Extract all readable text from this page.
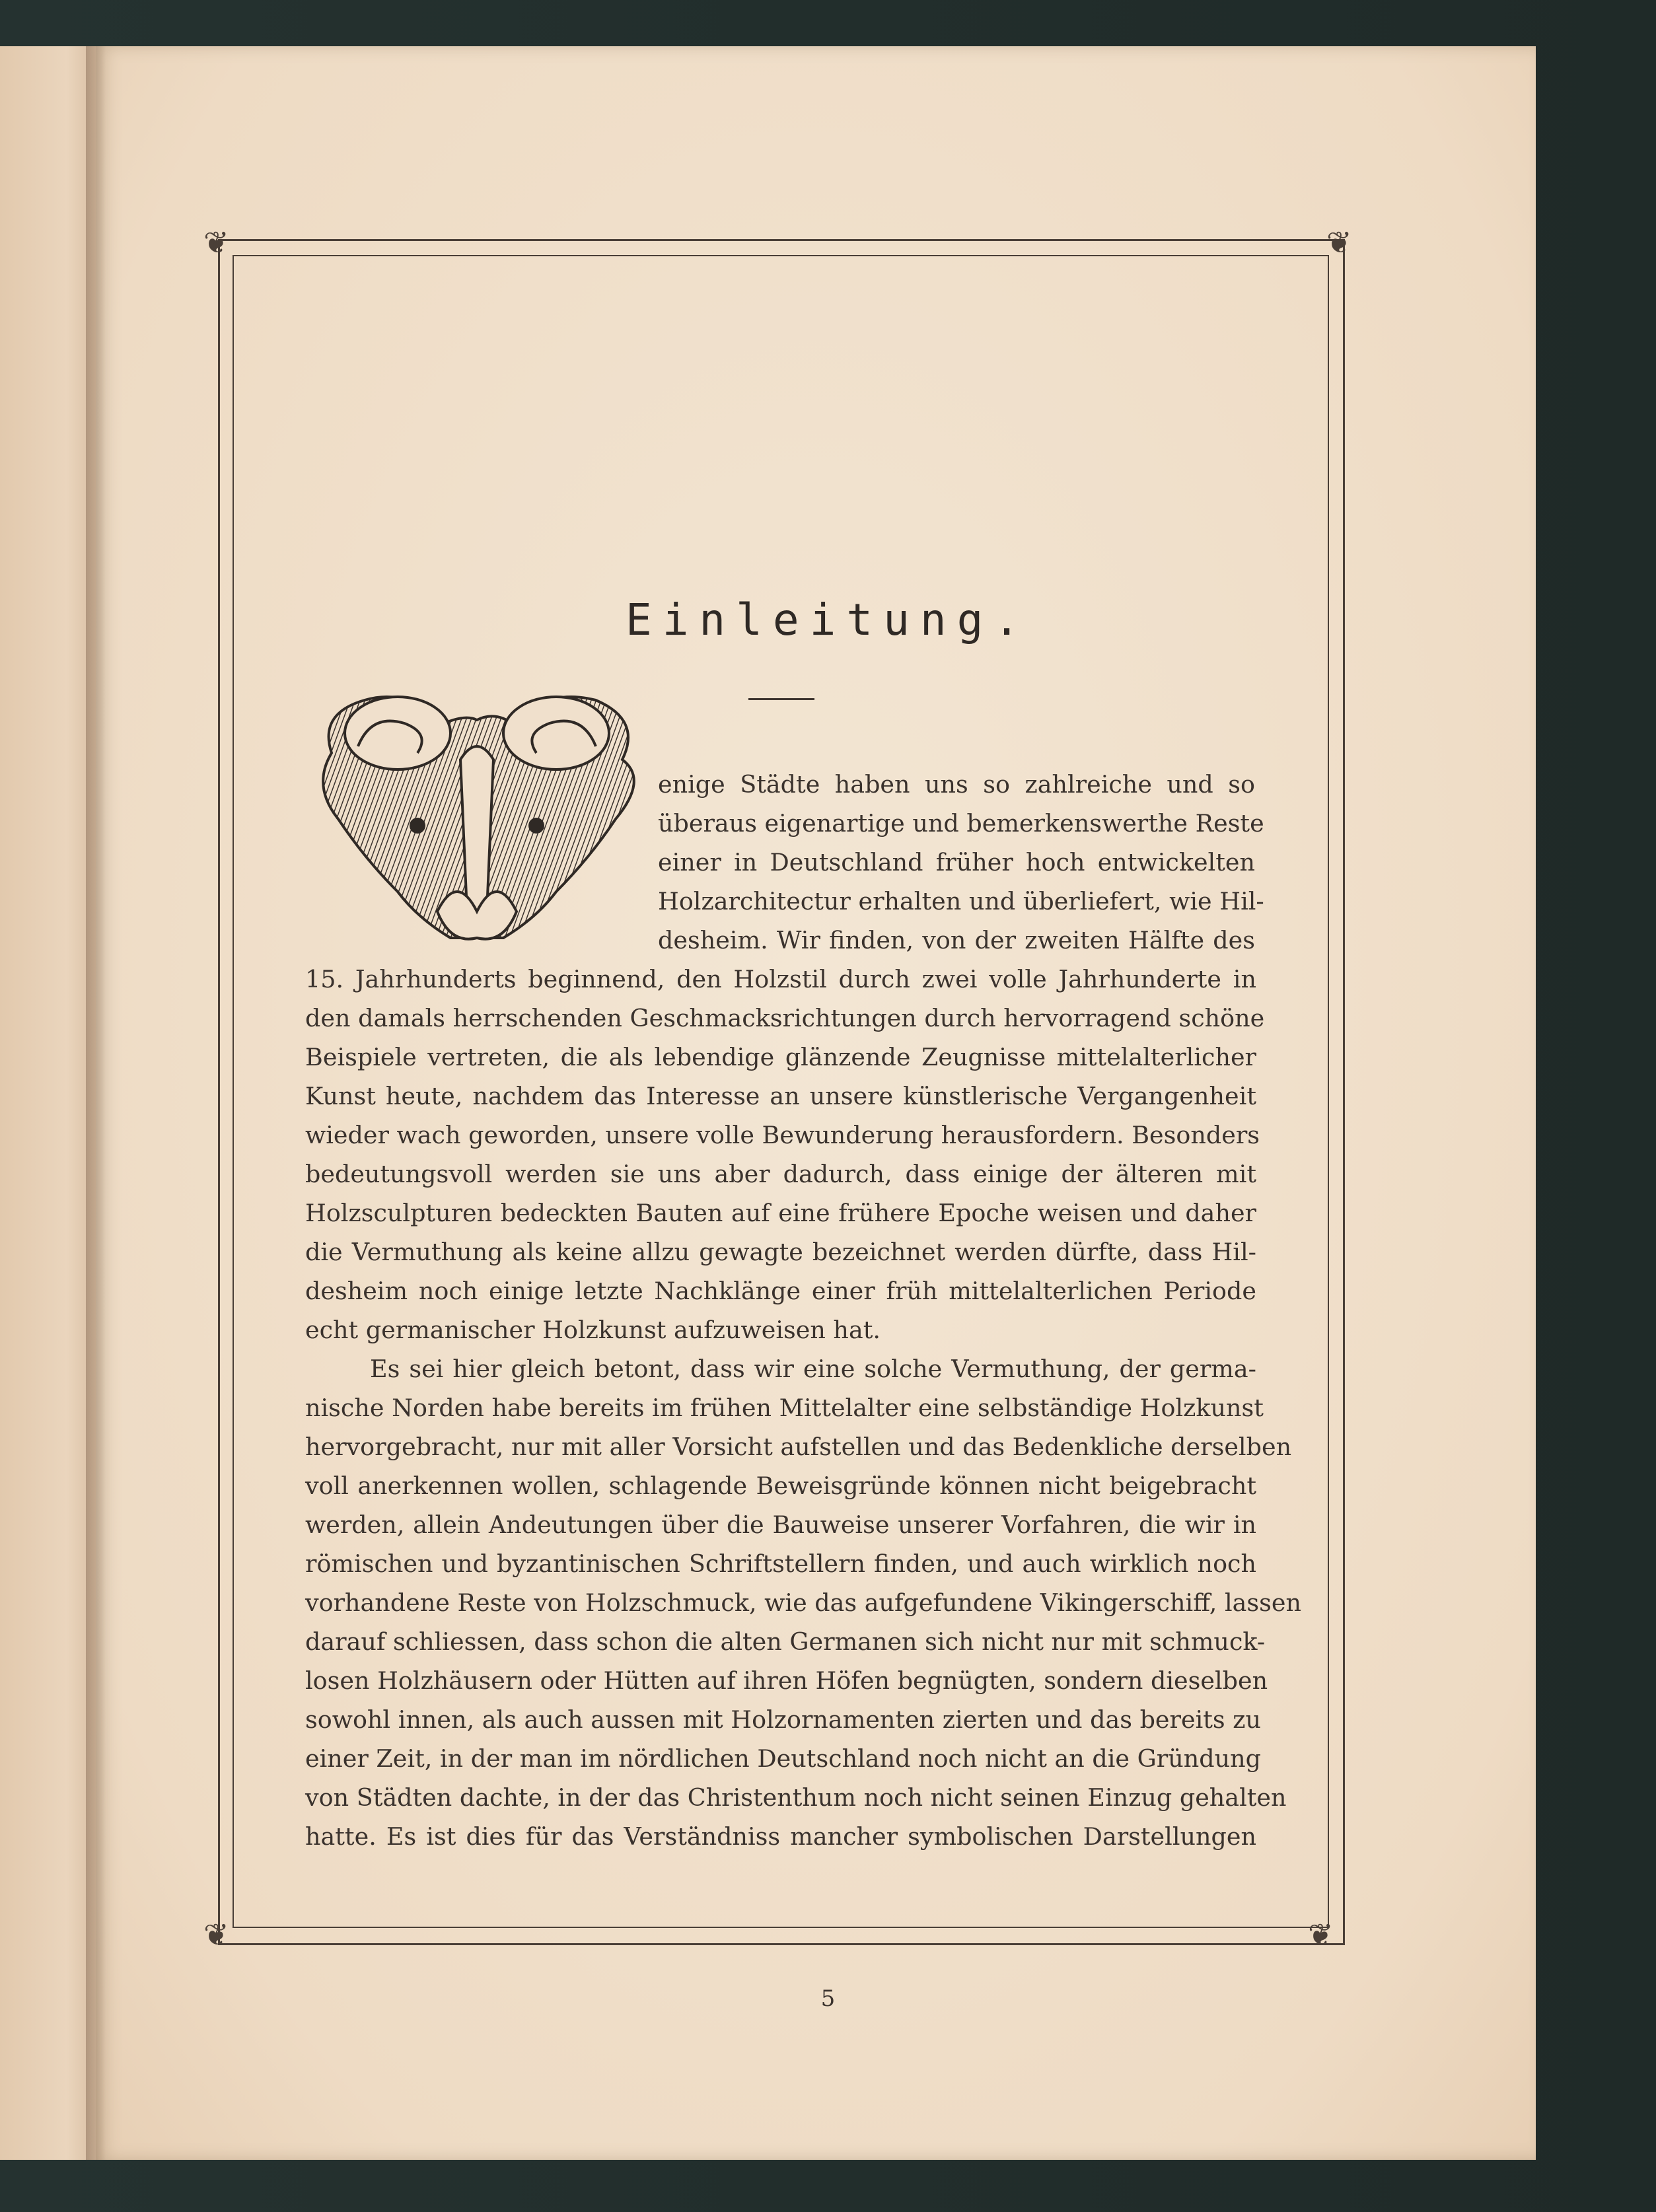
❦	❦
❦	❦
Einleitung.
enige Städte haben uns so zahlreiche und so
überaus eigenartige und bemerkenswerthe Reste
einer in Deutschland früher hoch entwickelten
Holzarchitectur erhalten und überliefert, wie Hil-
desheim. Wir finden, von der zweiten Hälfte des
15. Jahrhunderts beginnend, den Holzstil durch zwei volle Jahrhunderte in
den damals herrschenden Geschmacksrichtungen durch hervorragend schöne
Beispiele vertreten, die als lebendige glänzende Zeugnisse mittelalterlicher
Kunst heute, nachdem das Interesse an unsere künstlerische Vergangenheit
wieder wach geworden, unsere volle Bewunderung herausfordern. Besonders
bedeutungsvoll werden sie uns aber dadurch, dass einige der älteren mit
Holzsculpturen bedeckten Bauten auf eine frühere Epoche weisen und daher
die Vermuthung als keine allzu gewagte bezeichnet werden dürfte, dass Hil-
desheim noch einige letzte Nachklänge einer früh mittelalterlichen Periode
echt germanischer Holzkunst aufzuweisen hat.
Es sei hier gleich betont, dass wir eine solche Vermuthung, der germa-
nische Norden habe bereits im frühen Mittelalter eine selbständige Holzkunst
hervorgebracht, nur mit aller Vorsicht aufstellen und das Bedenkliche derselben
voll anerkennen wollen, schlagende Beweisgründe können nicht beigebracht
werden, allein Andeutungen über die Bauweise unserer Vorfahren, die wir in
römischen und byzantinischen Schriftstellern finden, und auch wirklich noch
vorhandene Reste von Holzschmuck, wie das aufgefundene Vikingerschiff, lassen
darauf schliessen, dass schon die alten Germanen sich nicht nur mit schmuck-
losen Holzhäusern oder Hütten auf ihren Höfen begnügten, sondern dieselben
sowohl innen, als auch aussen mit Holzornamenten zierten und das bereits zu
einer Zeit, in der man im nördlichen Deutschland noch nicht an die Gründung
von Städten dachte, in der das Christenthum noch nicht seinen Einzug gehalten
hatte. Es ist dies für das Verständniss mancher symbolischen Darstellungen
5
